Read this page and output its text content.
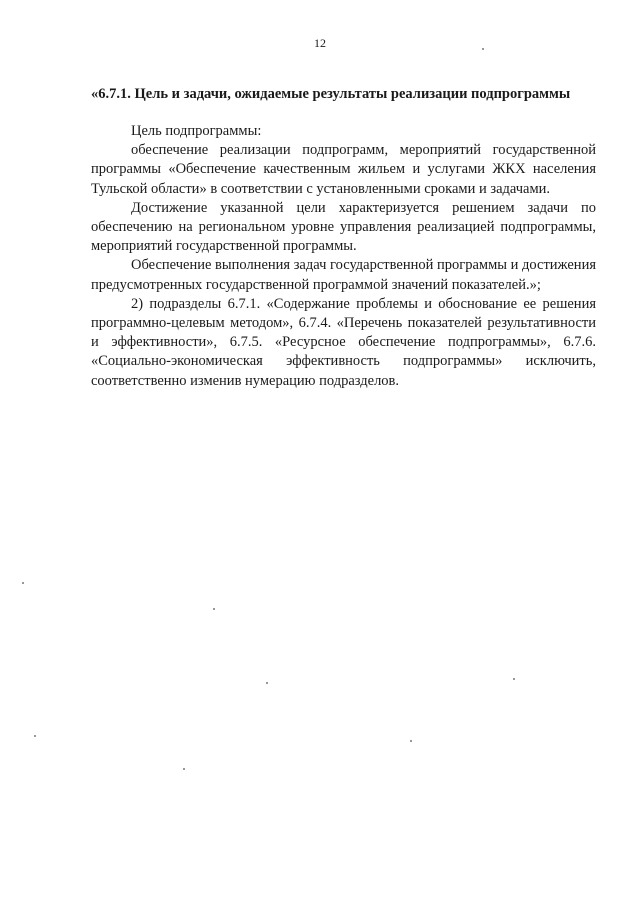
12
«6.7.1. Цель и задачи, ожидаемые результаты реализации подпрограммы

Цель подпрограммы:

обеспечение реализации подпрограмм, мероприятий государственной программы «Обеспечение качественным жильем и услугами ЖКХ населения Тульской области» в соответствии с установленными сроками и задачами.

Достижение указанной цели характеризуется решением задачи по обеспечению на региональном уровне управления реализацией подпрограммы, мероприятий государственной программы.

Обеспечение выполнения задач государственной программы и достижения предусмотренных государственной программой значений показателей.»;

2) подразделы 6.7.1. «Содержание проблемы и обоснование ее решения программно-целевым методом», 6.7.4. «Перечень показателей результативности и эффективности», 6.7.5. «Ресурсное обеспечение подпрограммы», 6.7.6. «Социально-экономическая эффективность подпрограммы» исключить, соответственно изменив нумерацию подразделов.
